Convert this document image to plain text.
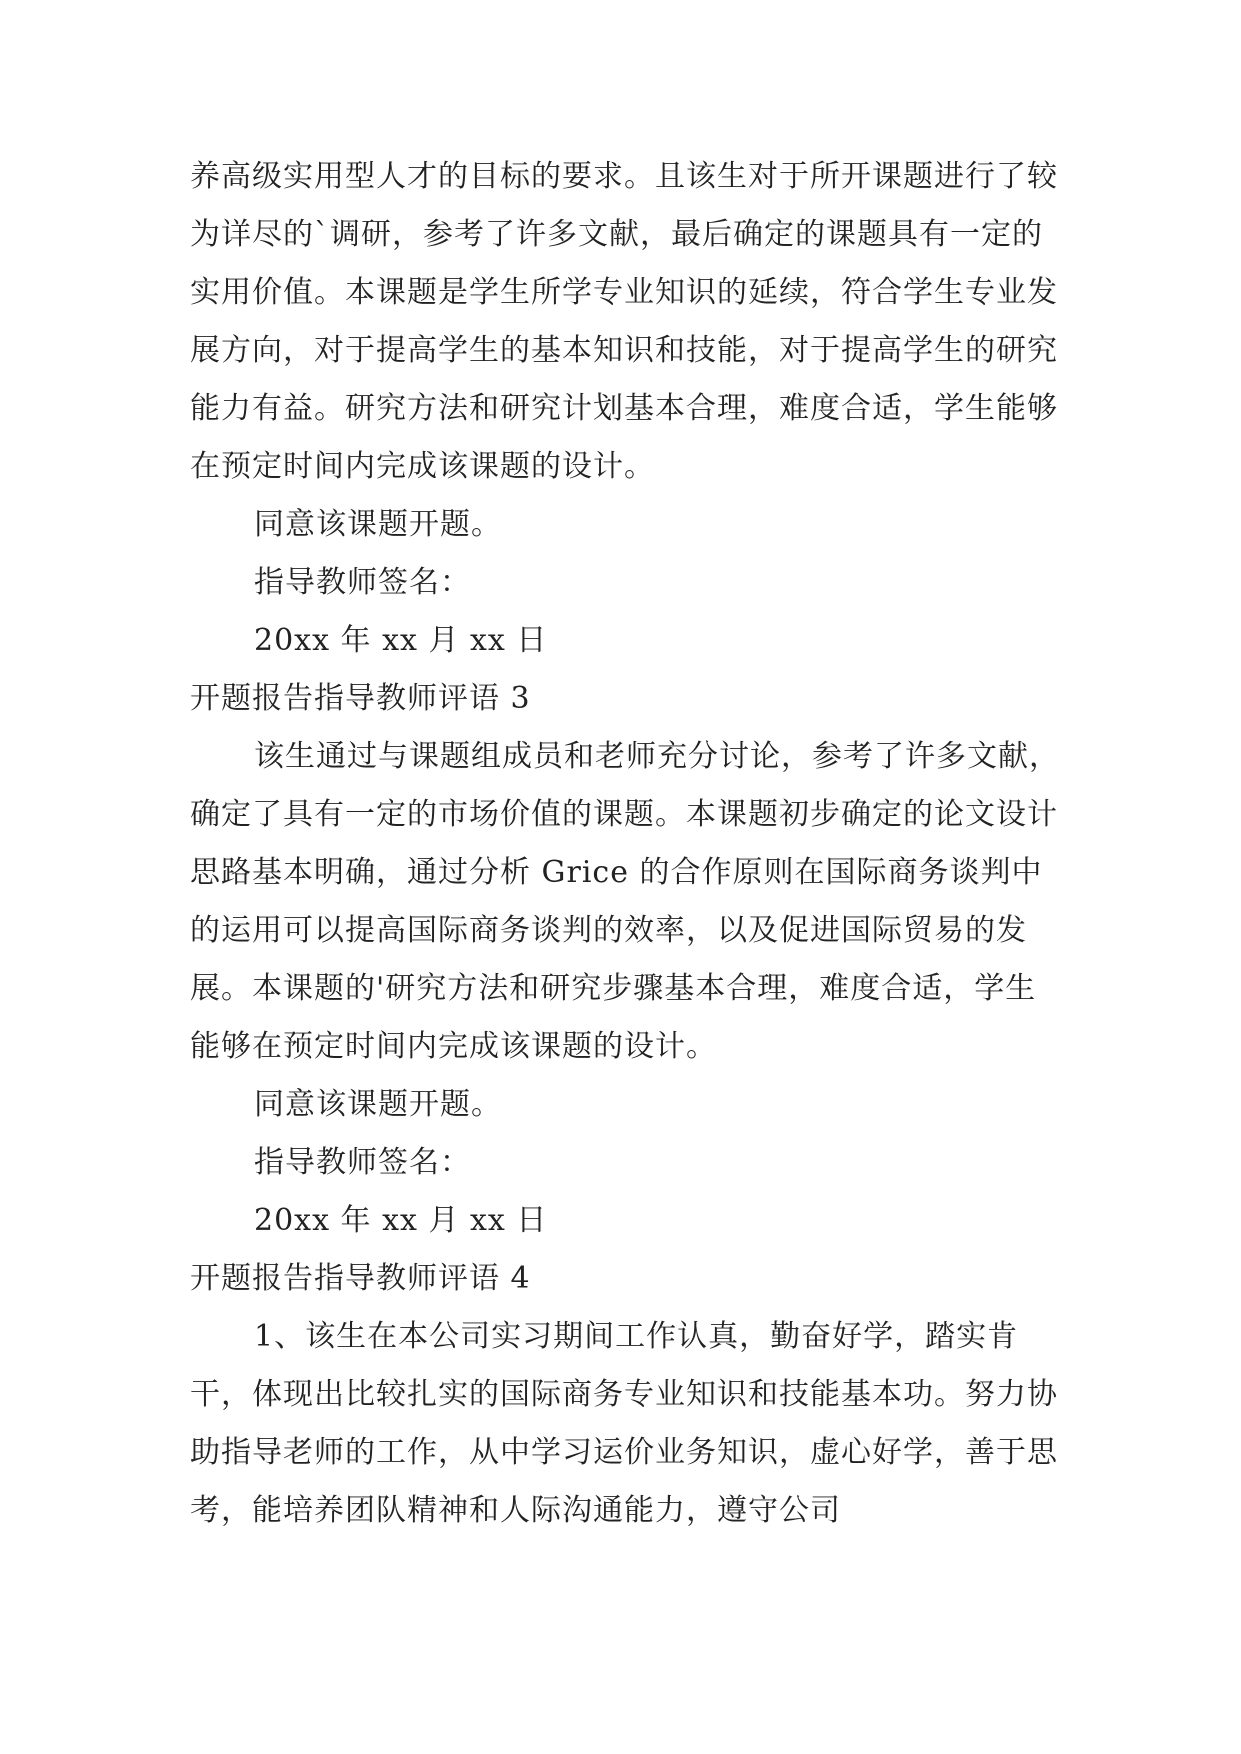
养高级实用型人才的目标的要求。且该生对于所开课题进行了较为详尽的`调研，参考了许多文献，最后确定的课题具有一定的实用价值。本课题是学生所学专业知识的延续，符合学生专业发展方向，对于提高学生的基本知识和技能，对于提高学生的研究能力有益。研究方法和研究计划基本合理，难度合适，学生能够在预定时间内完成该课题的设计。

同意该课题开题。

指导教师签名：

20xx 年 xx 月 xx 日

开题报告指导教师评语 3

该生通过与课题组成员和老师充分讨论，参考了许多文献，确定了具有一定的市场价值的课题。本课题初步确定的论文设计思路基本明确，通过分析 Grice 的合作原则在国际商务谈判中的运用可以提高国际商务谈判的效率，以及促进国际贸易的发展。本课题的'研究方法和研究步骤基本合理，难度合适，学生能够在预定时间内完成该课题的设计。

同意该课题开题。

指导教师签名：

20xx 年 xx 月 xx 日

开题报告指导教师评语 4

1、该生在本公司实习期间工作认真，勤奋好学，踏实肯干，体现出比较扎实的国际商务专业知识和技能基本功。努力协助指导老师的工作，从中学习运价业务知识，虚心好学，善于思考，能培养团队精神和人际沟通能力，遵守公司
